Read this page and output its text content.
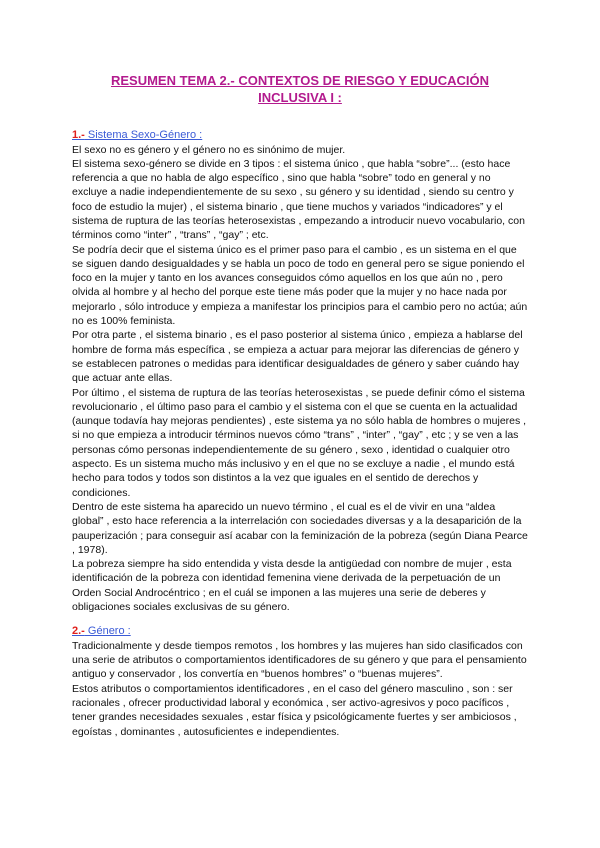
RESUMEN TEMA 2.- CONTEXTOS DE RIESGO Y EDUCACIÓN
INCLUSIVA I :

1.- Sistema Sexo-Género :

El sexo no es género y el género no es sinónimo de mujer.

El sistema sexo-género se divide en 3 tipos : el sistema único , que habla “sobre”... (esto hace referencia a que no habla de algo específico , sino que habla “sobre” todo en general y no excluye a nadie independientemente de su sexo , su género y su identidad , siendo su centro y foco de estudio la mujer) , el sistema binario , que tiene muchos y variados “indicadores” y el sistema de ruptura de las teorías heterosexistas , empezando a introducir nuevo vocabulario, con términos como “inter” , “trans” , “gay” ; etc.

Se podría decir que el sistema único es el primer paso para el cambio , es un sistema en el que se siguen dando desigualdades y se habla un poco de todo en general pero se sigue poniendo el foco en la mujer y tanto en los avances conseguidos cómo aquellos en los que aún no , pero olvida al hombre y al hecho del porque este tiene más poder que la mujer y no hace nada por mejorarlo , sólo introduce y empieza a manifestar los principios para el cambio pero no actúa; aún no es 100% feminista.

Por otra parte , el sistema binario , es el paso posterior al sistema único , empieza a hablarse del hombre de forma más específica , se empieza a actuar para mejorar las diferencias de género y se establecen patrones o medidas para identificar desigualdades de género y saber cuándo hay que actuar ante ellas.

Por último , el sistema de ruptura de las teorías heterosexistas , se puede definir cómo el sistema revolucionario , el último paso para el cambio y el sistema con el que se cuenta en la actualidad (aunque todavía hay mejoras pendientes) , este sistema ya no sólo habla de hombres o mujeres , si no que empieza a introducir términos nuevos cómo “trans” , “inter” , “gay” , etc ; y se ven a las personas cómo personas independientemente de su género , sexo , identidad o cualquier otro aspecto. Es un sistema mucho más inclusivo y en el que no se excluye a nadie , el mundo está hecho para todos y todos son distintos a la vez que iguales en el sentido de derechos y condiciones.

Dentro de este sistema ha aparecido un nuevo término , el cual es el de vivir en una “aldea global” , esto hace referencia a la interrelación con sociedades diversas y a la desaparición de la pauperización ; para conseguir así acabar con la feminización de la pobreza (según Diana Pearce , 1978).

La pobreza siempre ha sido entendida y vista desde la antigüedad con nombre de mujer , esta identificación de la pobreza con identidad femenina viene derivada de la perpetuación de un Orden Social Androcéntrico ; en el cuál se imponen a las mujeres una serie de deberes y obligaciones sociales exclusivas de su género.

2.- Género :

Tradicionalmente y desde tiempos remotos , los hombres y las mujeres han sido clasificados con una serie de atributos o comportamientos identificadores de su género y que para el pensamiento antiguo y conservador , los convertía en “buenos hombres” o “buenas mujeres”.

Estos atributos o comportamientos identificadores , en el caso del género masculino , son : ser racionales , ofrecer productividad laboral y económica , ser activo-agresivos y poco pacíficos , tener grandes necesidades sexuales , estar física y psicológicamente fuertes y ser ambiciosos , egoístas , dominantes , autosuficientes e independientes.
